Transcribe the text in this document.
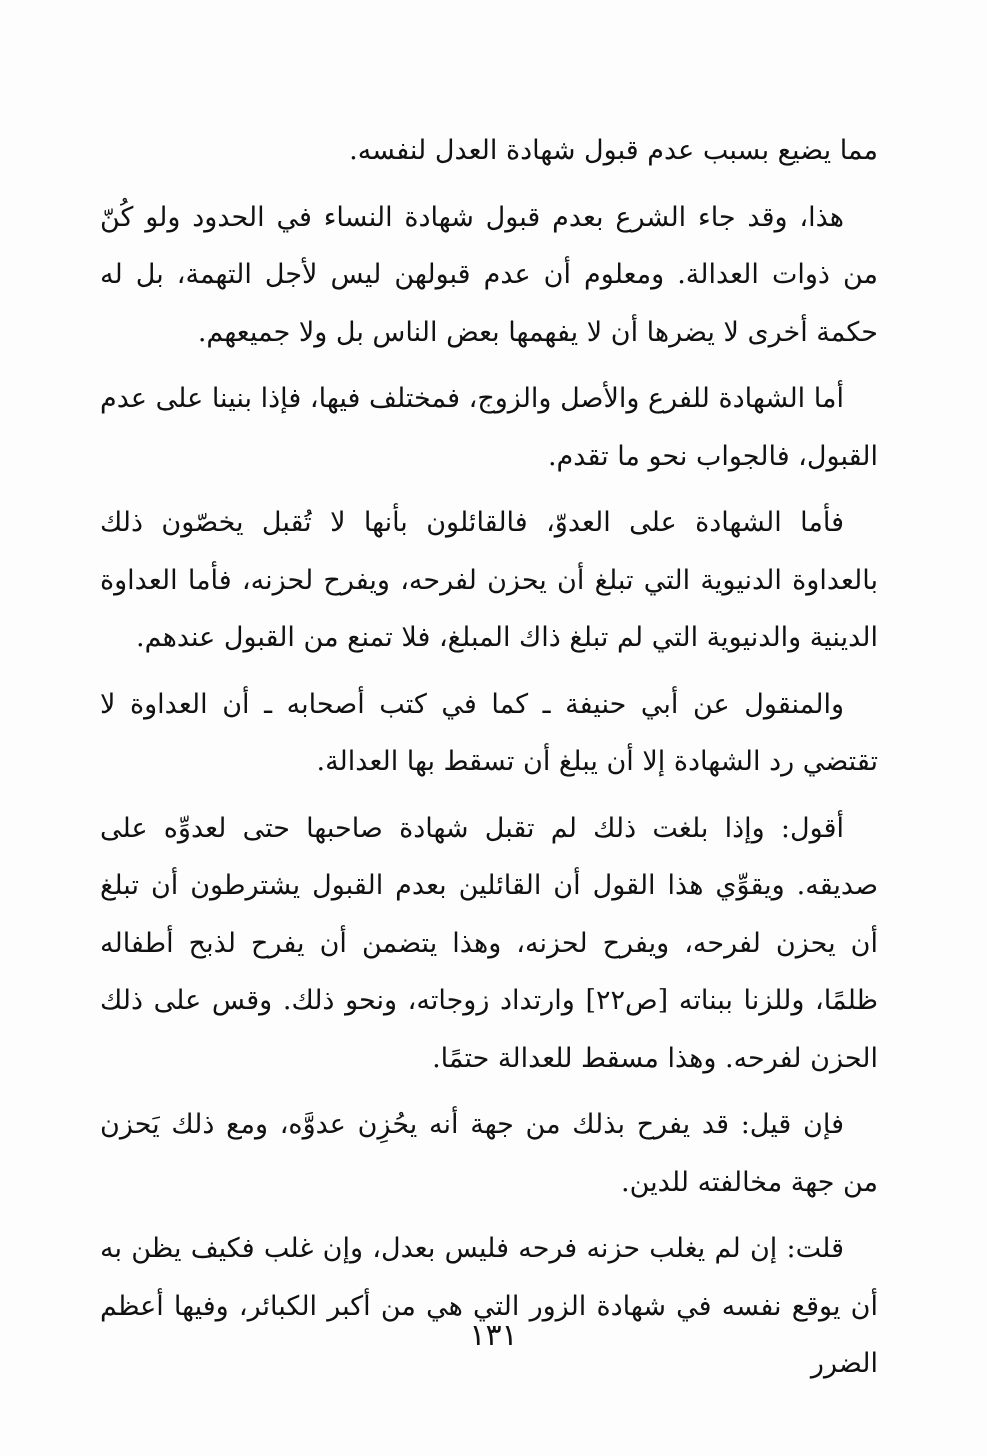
مما يضيع بسبب عدم قبول شهادة العدل لنفسه.

هذا، وقد جاء الشرع بعدم قبول شهادة النساء في الحدود ولو كُنّ من ذوات العدالة. ومعلوم أن عدم قبولهن ليس لأجل التهمة، بل له حكمة أخرى لا يضرها أن لا يفهمها بعض الناس بل ولا جميعهم.

أما الشهادة للفرع والأصل والزوج، فمختلف فيها، فإذا بنينا على عدم القبول، فالجواب نحو ما تقدم.

فأما الشهادة على العدوّ، فالقائلون بأنها لا تُقبل يخصّون ذلك بالعداوة الدنيوية التي تبلغ أن يحزن لفرحه، ويفرح لحزنه، فأما العداوة الدينية والدنيوية التي لم تبلغ ذاك المبلغ، فلا تمنع من القبول عندهم.

والمنقول عن أبي حنيفة ـ كما في كتب أصحابه ـ أن العداوة لا تقتضي رد الشهادة إلا أن يبلغ أن تسقط بها العدالة.

أقول: وإذا بلغت ذلك لم تقبل شهادة صاحبها حتى لعدوِّه على صديقه. ويقوِّي هذا القول أن القائلين بعدم القبول يشترطون أن تبلغ أن يحزن لفرحه، ويفرح لحزنه، وهذا يتضمن أن يفرح لذبح أطفاله ظلمًا، وللزنا ببناته [ص٢٢] وارتداد زوجاته، ونحو ذلك. وقس على ذلك الحزن لفرحه. وهذا مسقط للعدالة حتمًا.

فإن قيل: قد يفرح بذلك من جهة أنه يحُزِن عدوَّه، ومع ذلك يَحزن من جهة مخالفته للدين.

قلت: إن لم يغلب حزنه فرحه فليس بعدل، وإن غلب فكيف يظن به أن يوقع نفسه في شهادة الزور التي هي من أكبر الكبائر، وفيها أعظم الضرر

١٣١
